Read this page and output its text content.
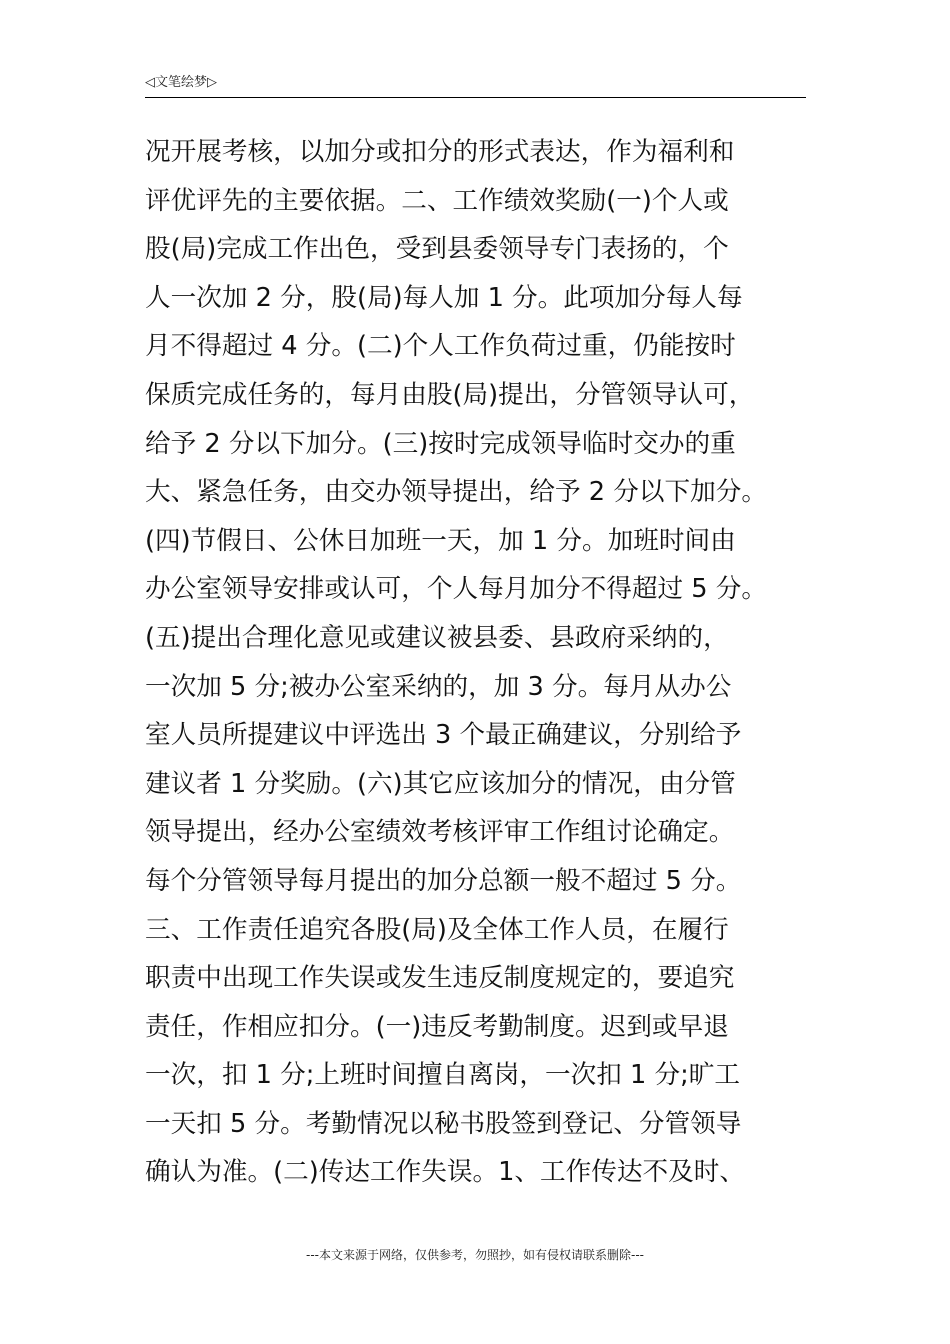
◁文笔绘梦▷
况开展考核，以加分或扣分的形式表达，作为福利和
评优评先的主要依据。二、工作绩效奖励(一)个人或
股(局)完成工作出色，受到县委领导专门表扬的，个
人一次加 2 分，股(局)每人加 1 分。此项加分每人每
月不得超过 4 分。(二)个人工作负荷过重，仍能按时
保质完成任务的，每月由股(局)提出，分管领导认可，
给予 2 分以下加分。(三)按时完成领导临时交办的重
大、紧急任务，由交办领导提出，给予 2 分以下加分。
(四)节假日、公休日加班一天，加 1 分。加班时间由
办公室领导安排或认可，个人每月加分不得超过 5 分。
(五)提出合理化意见或建议被县委、县政府采纳的，
一次加 5 分;被办公室采纳的，加 3 分。每月从办公
室人员所提建议中评选出 3 个最正确建议，分别给予
建议者 1 分奖励。(六)其它应该加分的情况，由分管
领导提出，经办公室绩效考核评审工作组讨论确定。
每个分管领导每月提出的加分总额一般不超过 5 分。
三、工作责任追究各股(局)及全体工作人员，在履行
职责中出现工作失误或发生违反制度规定的，要追究
责任，作相应扣分。(一)违反考勤制度。迟到或早退
一次，扣 1 分;上班时间擅自离岗，一次扣 1 分;旷工
一天扣 5 分。考勤情况以秘书股签到登记、分管领导
确认为准。(二)传达工作失误。1、工作传达不及时、
---本文来源于网络，仅供参考，勿照抄，如有侵权请联系删除---
